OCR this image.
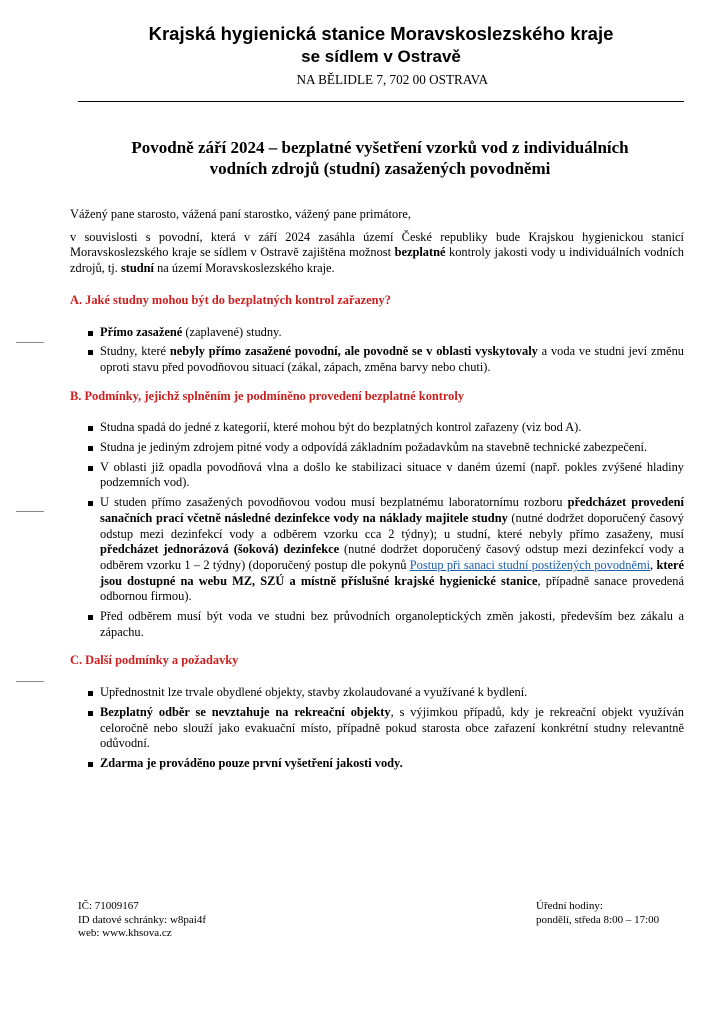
Krajská hygienická stanice Moravskoslezského kraje
se sídlem v Ostravě
NA BĚLIDLE 7, 702 00 OSTRAVA
Povodně září 2024 – bezplatné vyšetření vzorků vod z individuálních
vodních zdrojů (studní) zasažených povodněmi

Vážený pane starosto, vážená paní starostko, vážený pane primátore,

v souvislosti s povodní, která v září 2024 zasáhla území České republiky bude Krajskou hygienickou stanicí Moravskoslezského kraje se sídlem v Ostravě zajištěna možnost bezplatné kontroly jakosti vody u individuálních vodních zdrojů, tj. studní na území Moravskoslezského kraje.

A. Jaké studny mohou být do bezplatných kontrol zařazeny?

Přímo zasažené (zaplavené) studny.
Studny, které nebyly přímo zasažené povodní, ale povodně se v oblasti vyskytovaly a voda ve studni jeví změnu oproti stavu před povodňovou situací (zákal, zápach, změna barvy nebo chuti).

B. Podmínky, jejichž splněním je podmíněno provedení bezplatné kontroly

Studna spadá do jedné z kategorií, které mohou být do bezplatných kontrol zařazeny (viz bod A).
Studna je jediným zdrojem pitné vody a odpovídá základním požadavkům na stavebně technické zabezpečení.
V oblasti již opadla povodňová vlna a došlo ke stabilizaci situace v daném území (např. pokles zvýšené hladiny podzemních vod).
U studen přímo zasažených povodňovou vodou musí bezplatnému laboratornímu rozboru předcházet provedení sanačních prací včetně následné dezinfekce vody na náklady majitele studny (nutné dodržet doporučený časový odstup mezi dezinfekcí vody a odběrem vzorku cca 2 týdny); u studní, které nebyly přímo zasaženy, musí předcházet jednorázová (šoková) dezinfekce (nutné dodržet doporučený časový odstup mezi dezinfekcí vody a odběrem vzorku 1 – 2 týdny) (doporučený postup dle pokynů Postup při sanaci studní postižených povodněmi, které jsou dostupné na webu MZ, SZÚ a místně příslušné krajské hygienické stanice, případně sanace provedená odbornou firmou).
Před odběrem musí být voda ve studni bez průvodních organoleptických změn jakosti, především bez zákalu a zápachu.

C. Další podmínky a požadavky

Upřednostnit lze trvale obydlené objekty, stavby zkolaudované a využívané k bydlení.
Bezplatný odběr se nevztahuje na rekreační objekty, s výjimkou případů, kdy je rekreační objekt využíván celoročně nebo slouží jako evakuační místo, případně pokud starosta obce zařazení konkrétní studny relevantně odůvodní.
Zdarma je prováděno pouze první vyšetření jakosti vody.
IČ: 71009167
ID datové schránky: w8pai4f
web: www.khsova.cz
Úřední hodiny:
pondělí, středa 8:00 – 17:00
